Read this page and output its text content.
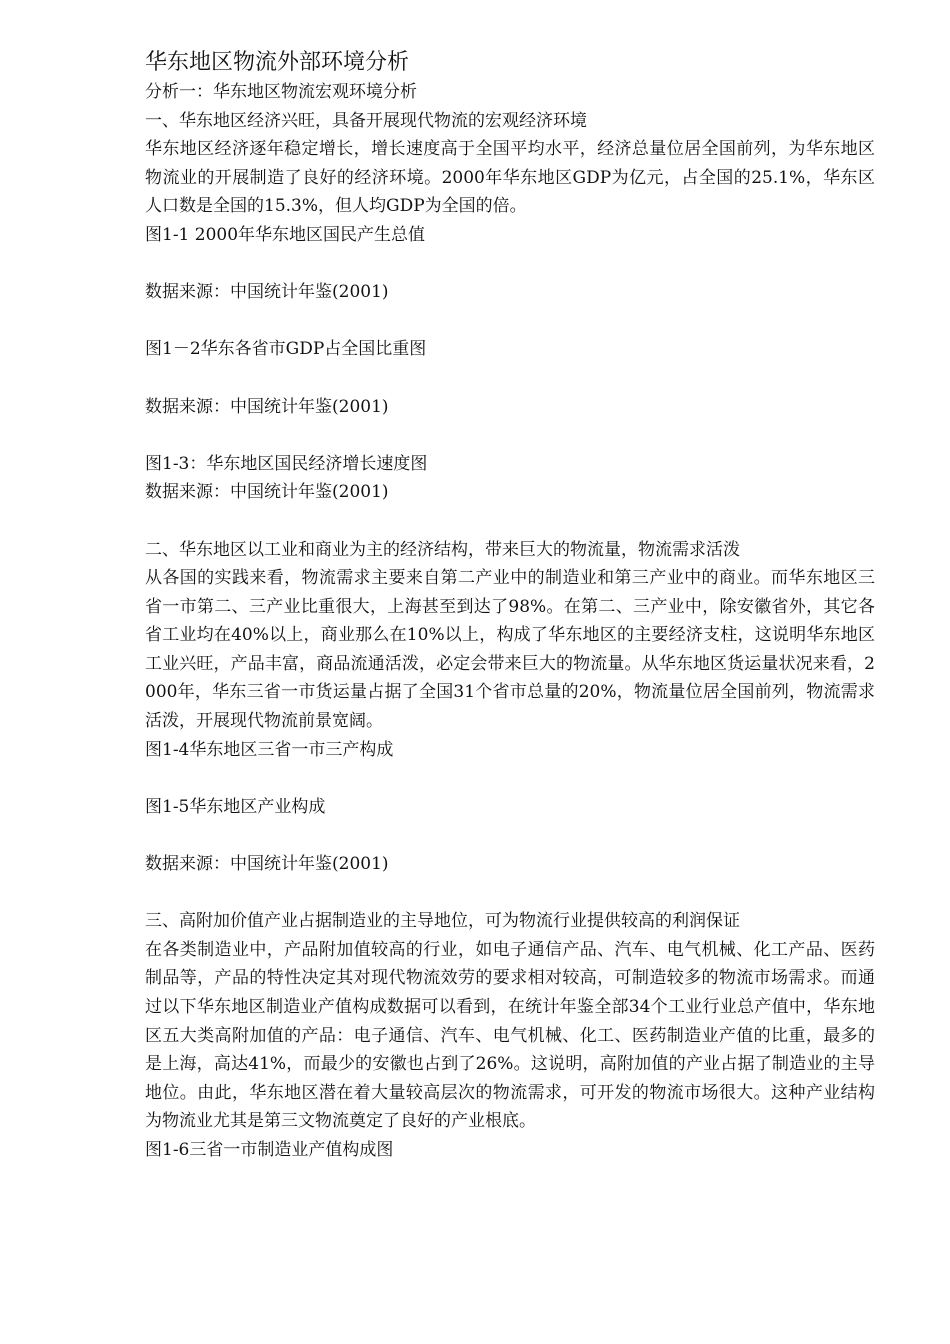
华东地区物流外部环境分析
分析一：华东地区物流宏观环境分析
一、华东地区经济兴旺，具备开展现代物流的宏观经济环境
华东地区经济逐年稳定增长，增长速度高于全国平均水平，经济总量位居全国前列，为华东地区物流业的开展制造了良好的经济环境。2000年华东地区GDP为亿元，占全国的25.1%，华东区人口数是全国的15.3%，但人均GDP为全国的倍。
图1-1 2000年华东地区国民产生总值
数据来源：中国统计年鉴(2001)
图1－2华东各省市GDP占全国比重图
数据来源：中国统计年鉴(2001)
图1-3：华东地区国民经济增长速度图
数据来源：中国统计年鉴(2001)
二、华东地区以工业和商业为主的经济结构，带来巨大的物流量，物流需求活泼
从各国的实践来看，物流需求主要来自第二产业中的制造业和第三产业中的商业。而华东地区三省一市第二、三产业比重很大，上海甚至到达了98%。在第二、三产业中，除安徽省外，其它各省工业均在40%以上，商业那么在10%以上，构成了华东地区的主要经济支柱，这说明华东地区工业兴旺，产品丰富，商品流通活泼，必定会带来巨大的物流量。从华东地区货运量状况来看，2000年，华东三省一市货运量占据了全国31个省市总量的20%，物流量位居全国前列，物流需求活泼，开展现代物流前景宽阔。
图1-4华东地区三省一市三产构成
图1-5华东地区产业构成
数据来源：中国统计年鉴(2001)
三、高附加价值产业占据制造业的主导地位，可为物流行业提供较高的利润保证
在各类制造业中，产品附加值较高的行业，如电子通信产品、汽车、电气机械、化工产品、医药制品等，产品的特性决定其对现代物流效劳的要求相对较高，可制造较多的物流市场需求。而通过以下华东地区制造业产值构成数据可以看到，在统计年鉴全部34个工业行业总产值中，华东地区五大类高附加值的产品：电子通信、汽车、电气机械、化工、医药制造业产值的比重，最多的是上海，高达41%，而最少的安徽也占到了26%。这说明，高附加值的产业占据了制造业的主导地位。由此，华东地区潜在着大量较高层次的物流需求，可开发的物流市场很大。这种产业结构为物流业尤其是第三文物流奠定了良好的产业根底。
图1-6三省一市制造业产值构成图
